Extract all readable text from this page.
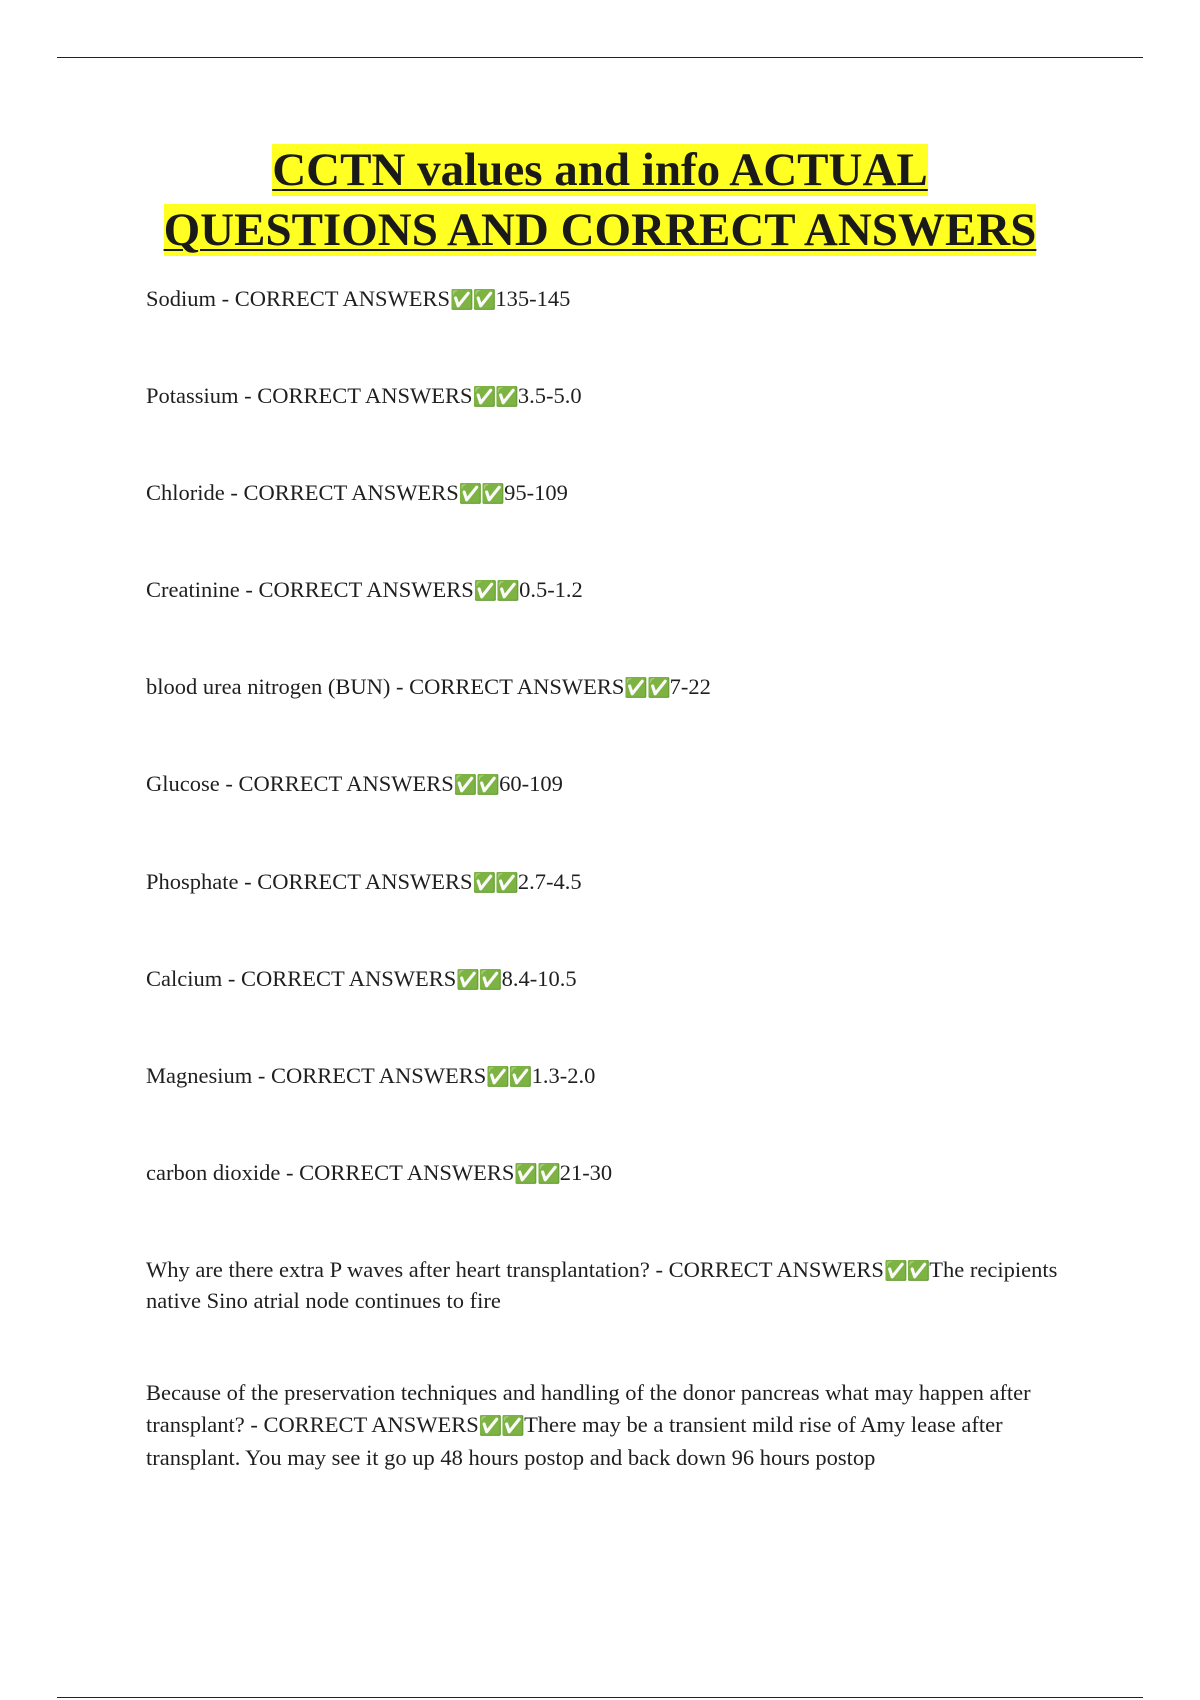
CCTN values and info ACTUAL
QUESTIONS AND CORRECT ANSWERS

Sodium - CORRECT ANSWERS✅✅135-145

Potassium - CORRECT ANSWERS✅✅3.5-5.0

Chloride - CORRECT ANSWERS✅✅95-109

Creatinine - CORRECT ANSWERS✅✅0.5-1.2

blood urea nitrogen (BUN) - CORRECT ANSWERS✅✅7-22

Glucose - CORRECT ANSWERS✅✅60-109

Phosphate - CORRECT ANSWERS✅✅2.7-4.5

Calcium - CORRECT ANSWERS✅✅8.4-10.5

Magnesium - CORRECT ANSWERS✅✅1.3-2.0

carbon dioxide - CORRECT ANSWERS✅✅21-30

Why are there extra P waves after heart transplantation? - CORRECT ANSWERS✅✅The recipients native Sino atrial node continues to fire

Because of the preservation techniques and handling of the donor pancreas what may happen after transplant? - CORRECT ANSWERS✅✅There may be a transient mild rise of Amy lease after transplant. You may see it go up 48 hours postop and back down 96 hours postop
